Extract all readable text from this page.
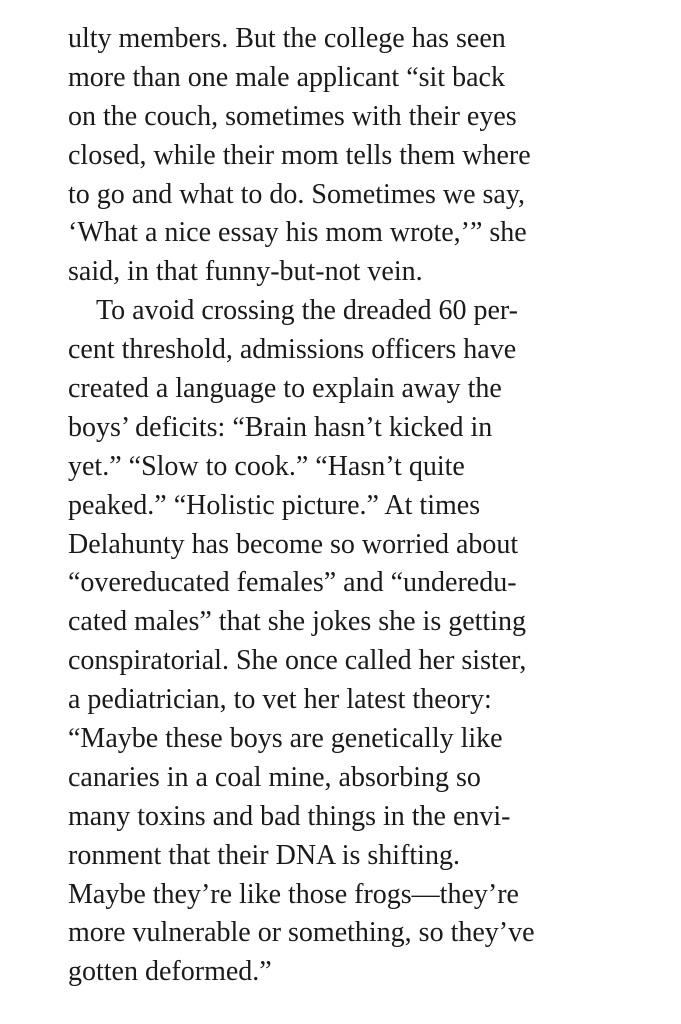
ulty members. But the college has seen
more than one male applicant “sit back
on the couch, sometimes with their eyes
closed, while their mom tells them where
to go and what to do. Sometimes we say,
‘What a nice essay his mom wrote,’” she
said, in that funny-but-not vein.
To avoid crossing the dreaded 60 per-
cent threshold, admissions officers have
created a language to explain away the
boys’ deficits: “Brain hasn’t kicked in
yet.” “Slow to cook.” “Hasn’t quite
peaked.” “Holistic picture.” At times
Delahunty has become so worried about
“overeducated females” and “underedu-
cated males” that she jokes she is getting
conspiratorial. She once called her sister,
a pediatrician, to vet her latest theory:
“Maybe these boys are genetically like
canaries in a coal mine, absorbing so
many toxins and bad things in the envi-
ronment that their DNA is shifting.
Maybe they’re like those frogs—they’re
more vulnerable or something, so they’ve
gotten deformed.”
